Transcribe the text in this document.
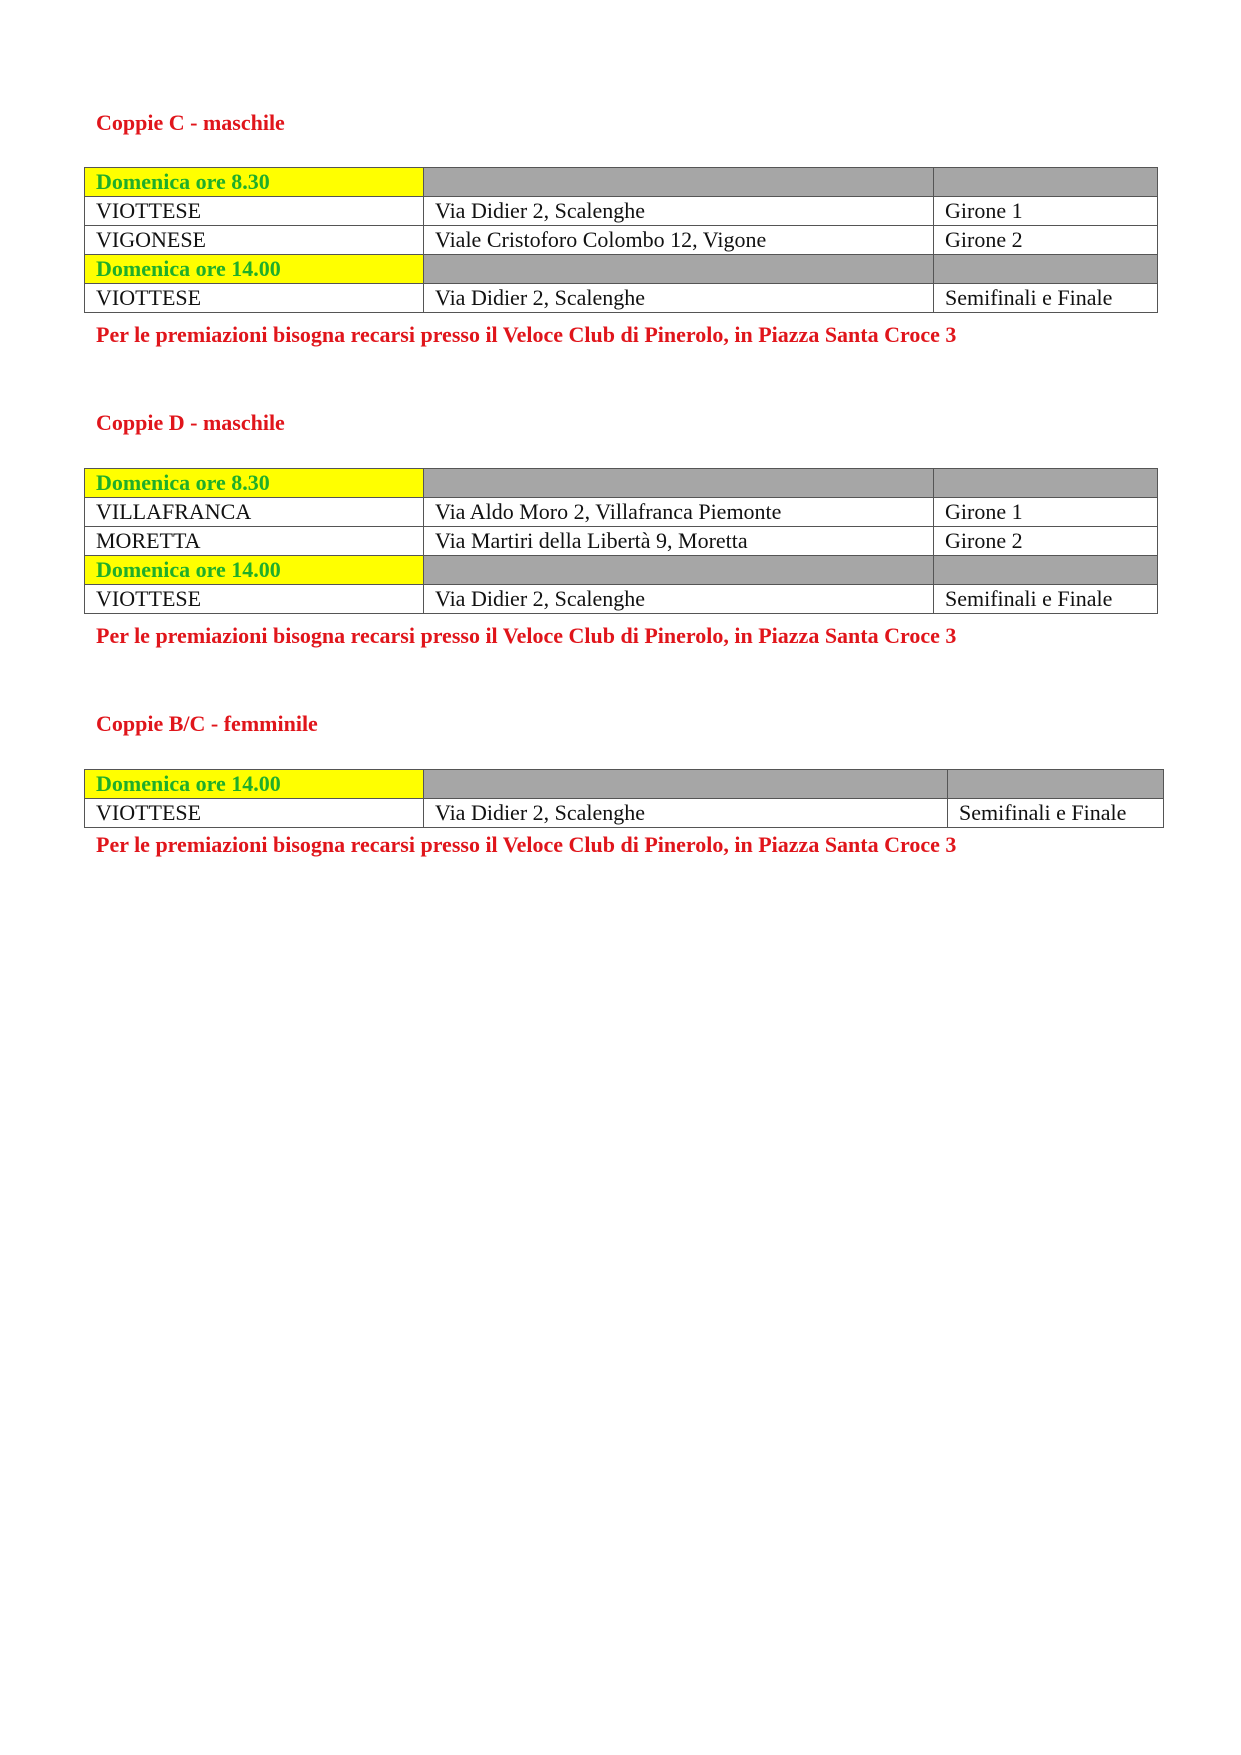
Coppie C - maschile
Domenica ore 8.30		
VIOTTESE	Via Didier 2, Scalenghe	Girone 1
VIGONESE	Viale Cristoforo Colombo 12, Vigone	Girone 2
Domenica ore 14.00		
VIOTTESE	Via Didier 2, Scalenghe	Semifinali e Finale
Per le premiazioni bisogna recarsi presso il Veloce Club di Pinerolo, in Piazza Santa Croce 3
Coppie D - maschile
Domenica ore 8.30		
VILLAFRANCA	Via Aldo Moro 2, Villafranca Piemonte	Girone 1
MORETTA	Via Martiri della Libertà 9, Moretta	Girone 2
Domenica ore 14.00		
VIOTTESE	Via Didier 2, Scalenghe	Semifinali e Finale
Per le premiazioni bisogna recarsi presso il Veloce Club di Pinerolo, in Piazza Santa Croce 3
Coppie B/C - femminile
Domenica ore 14.00		
VIOTTESE	Via Didier 2, Scalenghe	Semifinali e Finale
Per le premiazioni bisogna recarsi presso il Veloce Club di Pinerolo, in Piazza Santa Croce 3
